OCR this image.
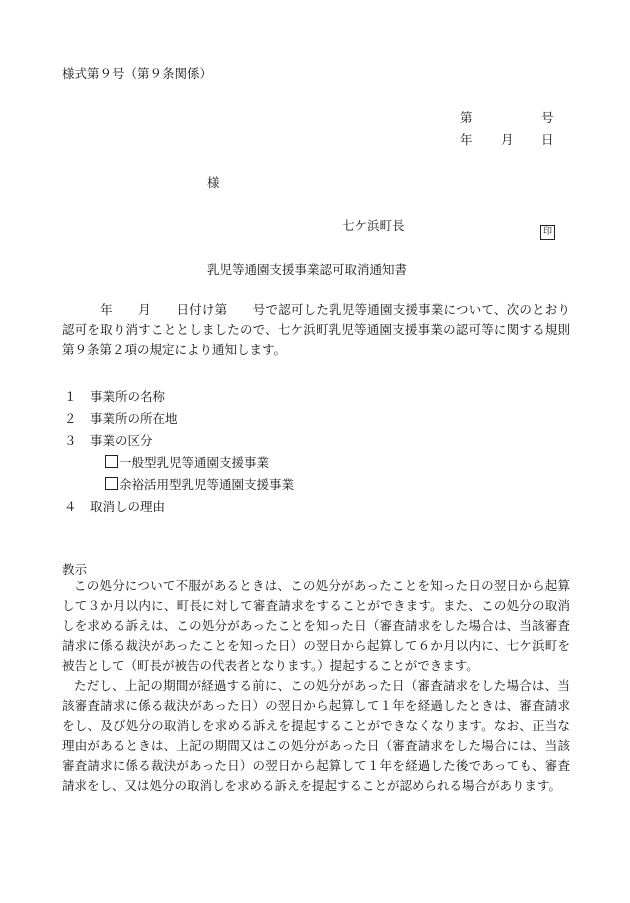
様式第９号（第９条関係）
第	号
年 月 日
様
七ケ浜町長	印
乳児等通園支援事業認可取消通知書
　　　年　　月　　日付け第　　号で認可した乳児等通園支援事業について、次のとおり認可を取り消すこととしましたので、七ケ浜町乳児等通園支援事業の認可等に関する規則第９条第２項の規定により通知します。
１ 事業所の名称
２ 事業所の所在地
３ 事業の区分
一般型乳児等通園支援事業
余裕活用型乳児等通園支援事業
４ 取消しの理由
教示
この処分について不服があるときは、この処分があったことを知った日の翌日から起算して３か月以内に、町長に対して審査請求をすることができます。また、この処分の取消しを求める訴えは、この処分があったことを知った日（審査請求をした場合は、当該審査請求に係る裁決があったことを知った日）の翌日から起算して６か月以内に、七ケ浜町を被告として（町長が被告の代表者となります。）提起することができます。
ただし、上記の期間が経過する前に、この処分があった日（審査請求をした場合は、当該審査請求に係る裁決があった日）の翌日から起算して１年を経過したときは、審査請求をし、及び処分の取消しを求める訴えを提起することができなくなります。なお、正当な理由があるときは、上記の期間又はこの処分があった日（審査請求をした場合には、当該審査請求に係る裁決があった日）の翌日から起算して１年を経過した後であっても、審査請求をし、又は処分の取消しを求める訴えを提起することが認められる場合があります。
